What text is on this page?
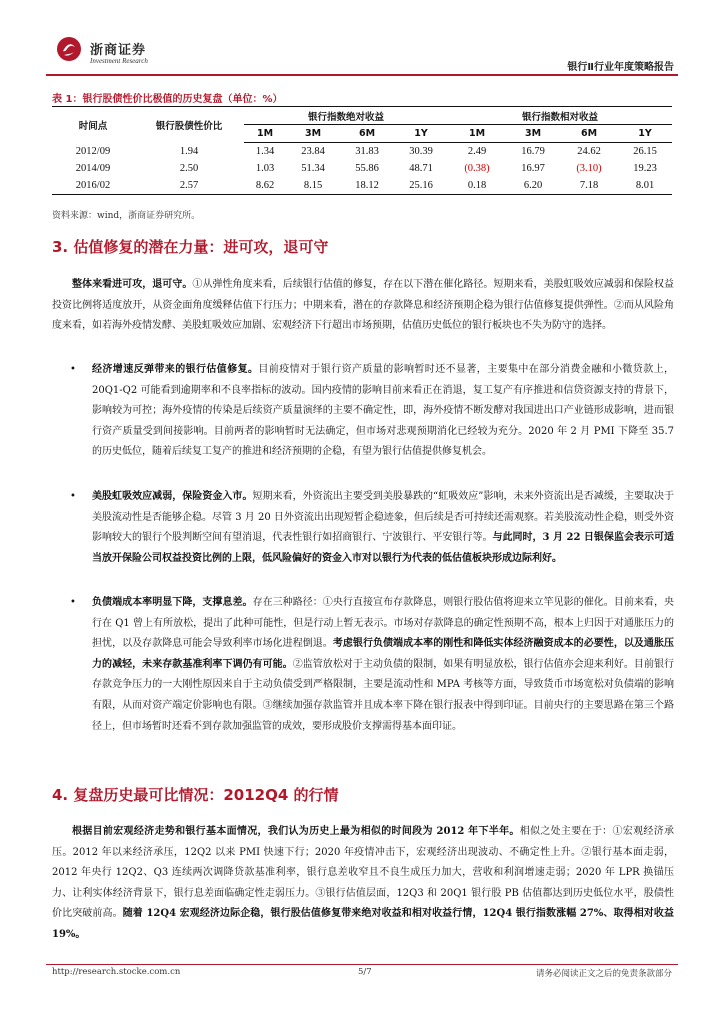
浙商证券
Investment Research
银行Ⅱ行业年度策略报告
表 1：银行股债性价比极值的历史复盘（单位：%）
时间点	银行股债性价比	银行指数绝对收益				银行指数相对收益			
		1M	3M	6M	1Y	1M	3M	6M	1Y
2012/09	1.94	1.34	23.84	31.83	30.39	2.49	16.79	24.62	26.15
2014/09	2.50	1.03	51.34	55.86	48.71	(0.38)	16.97	(3.10)	19.23
2016/02	2.57	8.62	8.15	18.12	25.16	0.18	6.20	7.18	8.01
资料来源：wind，浙商证券研究所。
3. 估值修复的潜在力量：进可攻，退可守
整体来看进可攻，退可守。①从弹性角度来看，后续银行估值的修复，存在以下潜在催化路径。短期来看，美股虹吸效应减弱和保险权益投资比例将适度放开，从资金面角度缓释估值下行压力；中期来看，潜在的存款降息和经济预期企稳为银行估值修复提供弹性。②而从风险角度来看，如若海外疫情发酵、美股虹吸效应加剧、宏观经济下行超出市场预期，估值历史低位的银行板块也不失为防守的选择。
• 经济增速反弹带来的银行估值修复。目前疫情对于银行资产质量的影响暂时还不显著，主要集中在部分消费金融和小微贷款上，20Q1-Q2 可能看到逾期率和不良率指标的波动。国内疫情的影响目前来看正在消退，复工复产有序推进和信贷资源支持的背景下，影响较为可控；海外疫情的传染是后续资产质量演绎的主要不确定性，即，海外疫情不断发酵对我国进出口产业链形成影响，进而银行资产质量受到间接影响。目前两者的影响暂时无法确定，但市场对悲观预期消化已经较为充分。2020 年 2 月 PMI 下降至 35.7 的历史低位，随着后续复工复产的推进和经济预期的企稳，有望为银行估值提供修复机会。
• 美股虹吸效应减弱，保险资金入市。短期来看，外资流出主要受到美股暴跌的“虹吸效应”影响，未来外资流出是否减缓，主要取决于美股流动性是否能够企稳。尽管 3 月 20 日外资流出出现短暂企稳迹象，但后续是否可持续还需观察。若美股流动性企稳，则受外资影响较大的银行个股判断空间有望消退，代表性银行如招商银行、宁波银行、平安银行等。与此同时，3 月 22 日银保监会表示可适当放开保险公司权益投资比例的上限，低风险偏好的资金入市对以银行为代表的低估值板块形成边际利好。
• 负债端成本率明显下降，支撑息差。存在三种路径：①央行直接宣布存款降息，则银行股估值将迎来立竿见影的催化。目前来看，央行在 Q1 曾上有所放松，提出了此种可能性，但是行动上暂无表示。市场对存款降息的确定性预期不高，根本上归因于对通胀压力的担忧，以及存款降息可能会导致利率市场化进程倒退。考虑银行负债端成本率的刚性和降低实体经济融资成本的必要性，以及通胀压力的减轻，未来存款基准利率下调仍有可能。②监管放松对于主动负债的限制，如果有明显放松，银行估值亦会迎来利好。目前银行存款竞争压力的一大刚性原因来自于主动负债受到严格限制，主要是流动性和 MPA 考核等方面，导致货币市场宽松对负债端的影响有限，从而对资产端定价影响也有限。③继续加强存款监管并且成本率下降在银行报表中得到印证。目前央行的主要思路在第三个路径上，但市场暂时还看不到存款加强监管的成效，要形成股价支撑需得基本面印证。
4. 复盘历史最可比情况：2012Q4 的行情
根据目前宏观经济走势和银行基本面情况，我们认为历史上最为相似的时间段为 2012 年下半年。相似之处主要在于：①宏观经济承压。2012 年以来经济承压，12Q2 以来 PMI 快速下行；2020 年疫情冲击下，宏观经济出现波动、不确定性上升。②银行基本面走弱，2012 年央行 12Q2、Q3 连续两次调降贷款基准利率，银行息差收窄且不良生成压力加大，营收和利润增速走弱；2020 年 LPR 换锚压力、让利实体经济背景下，银行息差面临确定性走弱压力。③银行估值层面，12Q3 和 20Q1 银行股 PB 估值都达到历史低位水平，股债性价比突破前高。随着 12Q4 宏观经济边际企稳，银行股估值修复带来绝对收益和相对收益行情，12Q4 银行指数涨幅 27%、取得相对收益 19%。
http://research.stocke.com.cn	5/7	请务必阅读正文之后的免责条款部分
